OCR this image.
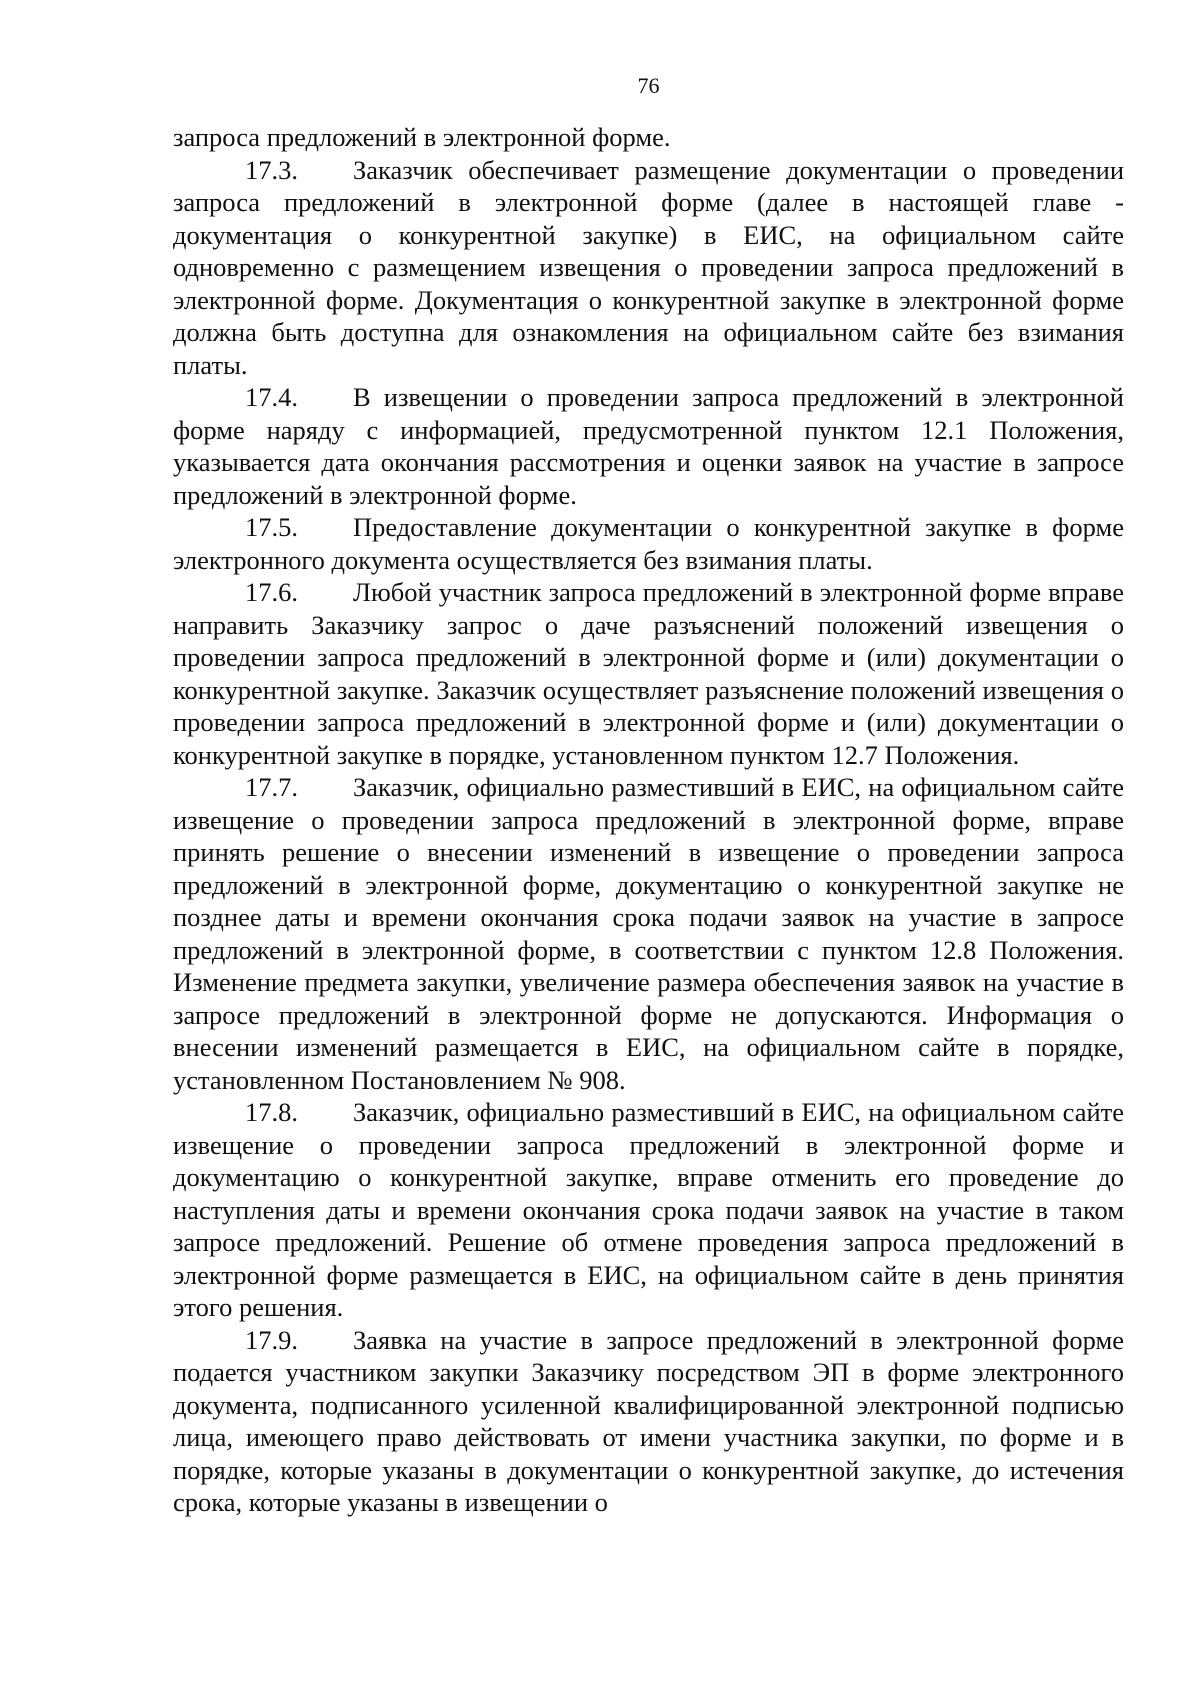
76

запроса предложений в электронной форме.

17.3. Заказчик обеспечивает размещение документации о проведении запроса предложений в электронной форме (далее в настоящей главе - документация о конкурентной закупке) в ЕИС, на официальном сайте одновременно с размещением извещения о проведении запроса предложений в электронной форме. Документация о конкурентной закупке в электронной форме должна быть доступна для ознакомления на официальном сайте без взимания платы.

17.4. В извещении о проведении запроса предложений в электронной форме наряду с информацией, предусмотренной пунктом 12.1 Положения, указывается дата окончания рассмотрения и оценки заявок на участие в запросе предложений в электронной форме.

17.5. Предоставление документации о конкурентной закупке в форме электронного документа осуществляется без взимания платы.

17.6. Любой участник запроса предложений в электронной форме вправе направить Заказчику запрос о даче разъяснений положений извещения о проведении запроса предложений в электронной форме и (или) документации о конкурентной закупке. Заказчик осуществляет разъяснение положений извещения о проведении запроса предложений в электронной форме и (или) документации о конкурентной закупке в порядке, установленном пунктом 12.7 Положения.

17.7. Заказчик, официально разместивший в ЕИС, на официальном сайте извещение о проведении запроса предложений в электронной форме, вправе принять решение о внесении изменений в извещение о проведении запроса предложений в электронной форме, документацию о конкурентной закупке не позднее даты и времени окончания срока подачи заявок на участие в запросе предложений в электронной форме, в соответствии с пунктом 12.8 Положения. Изменение предмета закупки, увеличение размера обеспечения заявок на участие в запросе предложений в электронной форме не допускаются. Информация о внесении изменений размещается в ЕИС, на официальном сайте в порядке, установленном Постановлением № 908.

17.8. Заказчик, официально разместивший в ЕИС, на официальном сайте извещение о проведении запроса предложений в электронной форме и документацию о конкурентной закупке, вправе отменить его проведение до наступления даты и времени окончания срока подачи заявок на участие в таком запросе предложений. Решение об отмене проведения запроса предложений в электронной форме размещается в ЕИС, на официальном сайте в день принятия этого решения.

17.9. Заявка на участие в запросе предложений в электронной форме подается участником закупки Заказчику посредством ЭП в форме электронного документа, подписанного усиленной квалифицированной электронной подписью лица, имеющего право действовать от имени участника закупки, по форме и в порядке, которые указаны в документации о конкурентной закупке, до истечения срока, которые указаны в извещении о
